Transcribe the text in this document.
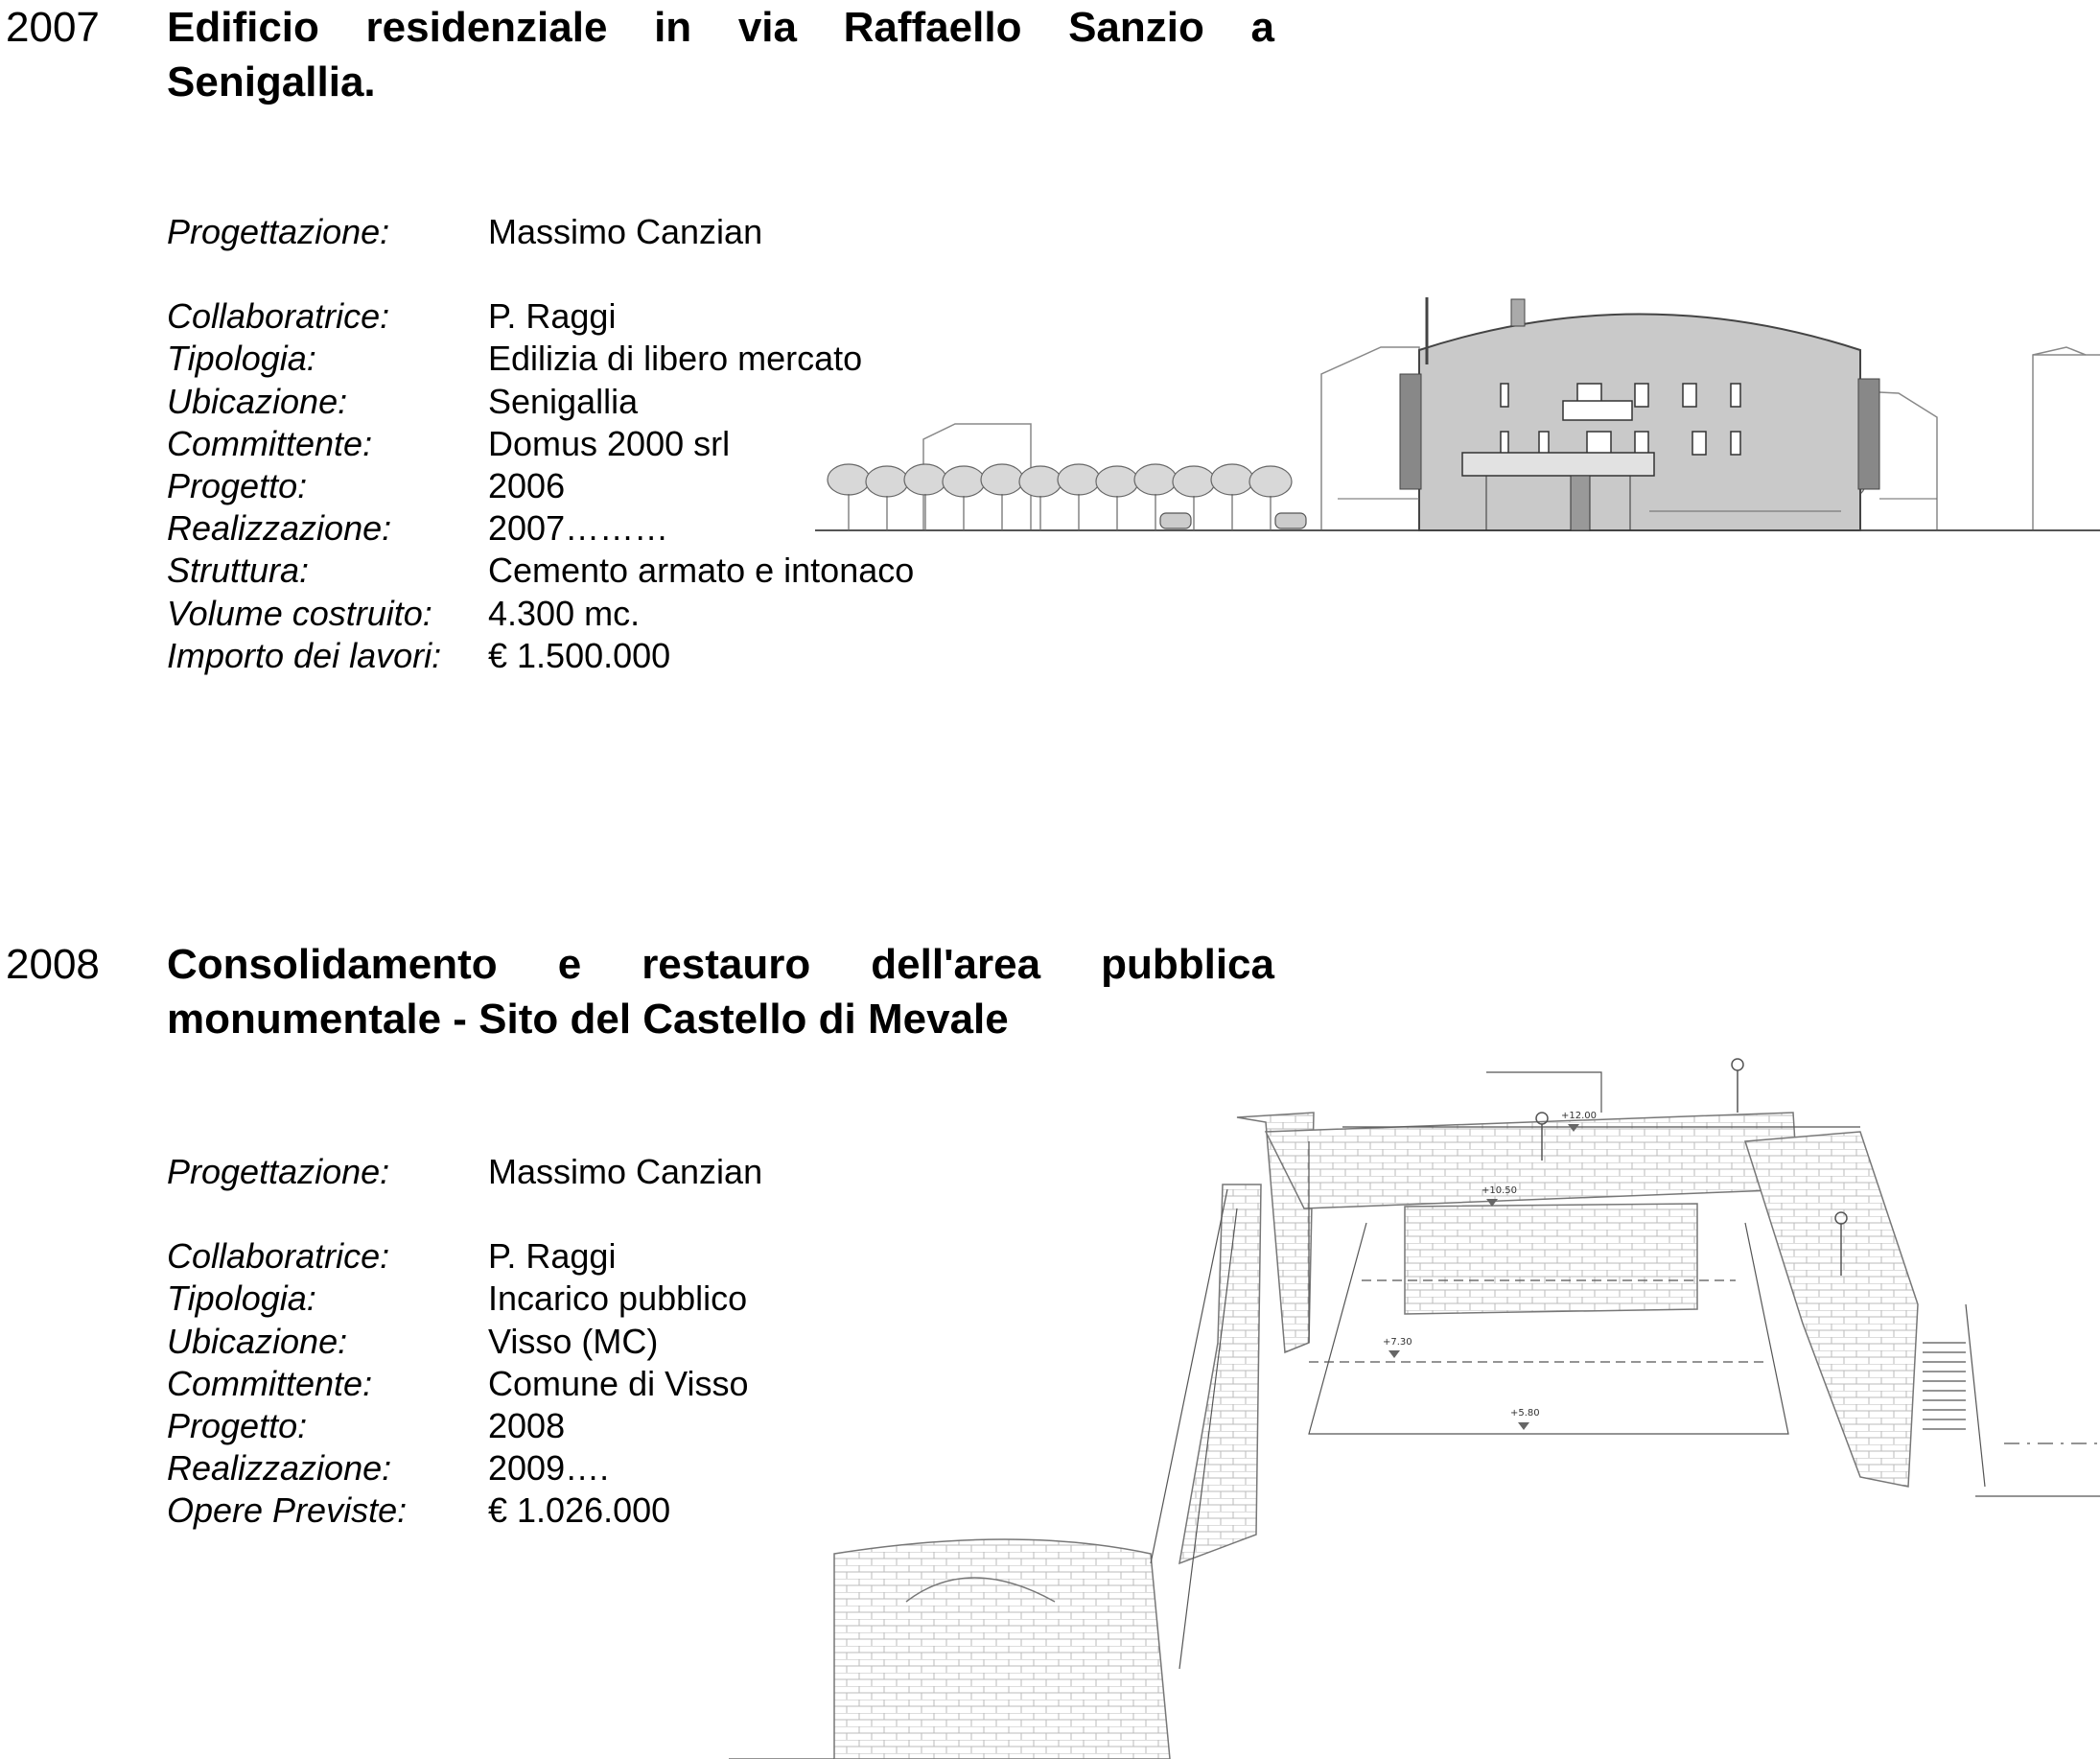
2007 Edificio residenziale in via Raffaello Sanzio a Senigallia.
Progettazione:	Massimo Canzian
Collaboratrice:	P. Raggi
Tipologia:	Edilizia di libero mercato
Ubicazione:	Senigallia
Committente:	Domus 2000 srl
Progetto:	2006
Realizzazione:	2007………
Struttura:	Cemento armato e intonaco
Volume costruito:	4.300 mc.
Importo dei lavori:	€ 1.500.000
2008 Consolidamento e restauro dell'area pubblica monumentale - Sito del Castello di Mevale
Progettazione:	Massimo Canzian
Collaboratrice:	P. Raggi
Tipologia:	Incarico pubblico
Ubicazione:	Visso (MC)
Committente:	Comune di Visso
Progetto:	2008
Realizzazione:	2009….
Opere Previste:	€ 1.026.000
+12.00
+10.50
+7.30
+5.80
